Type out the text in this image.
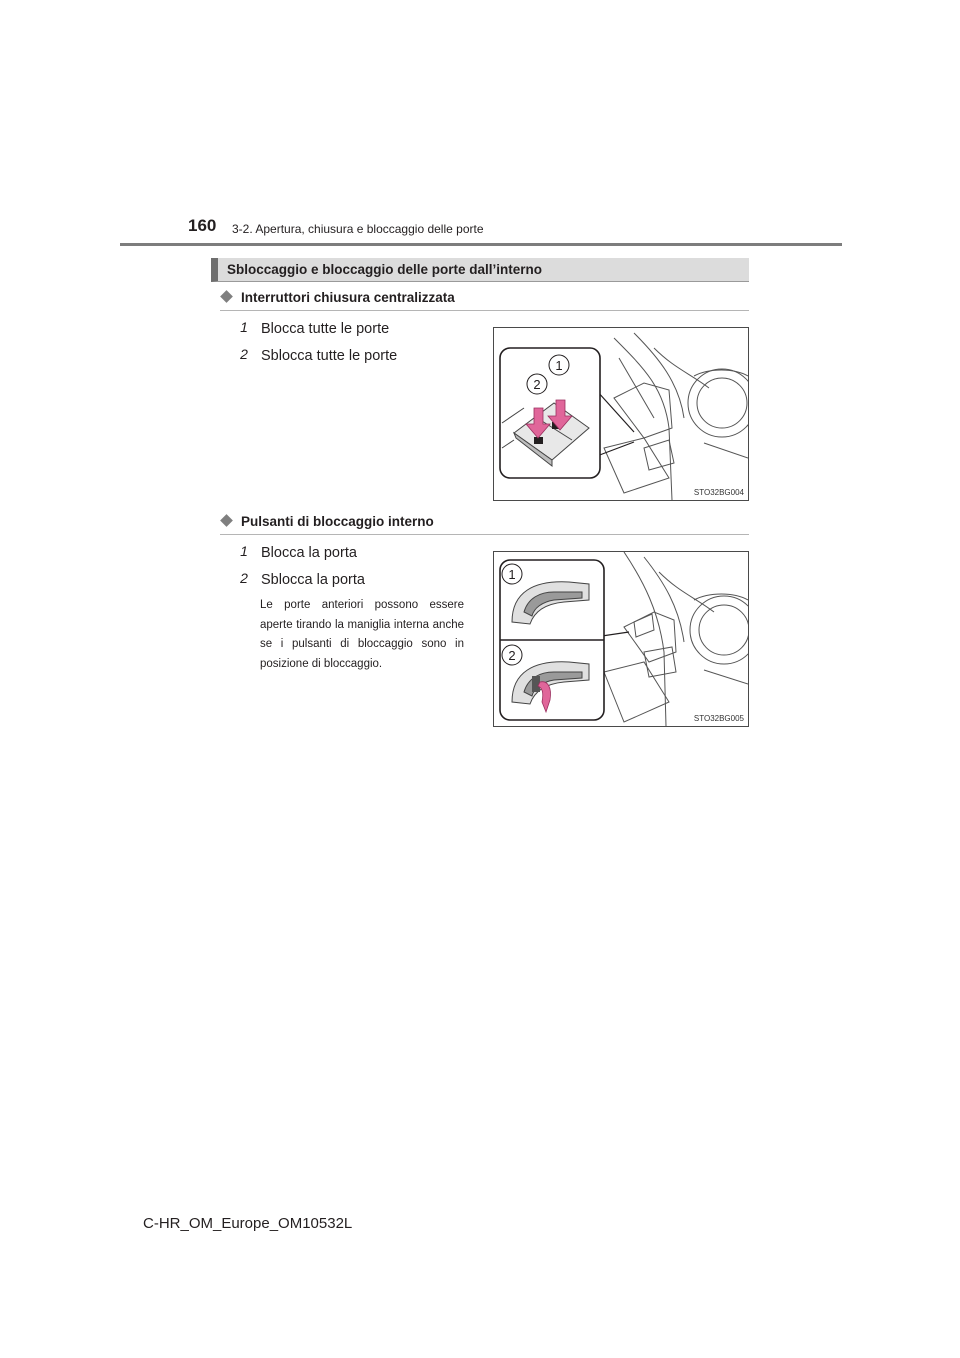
160 3-2. Apertura, chiusura e bloccaggio delle porte
Sbloccaggio e bloccaggio delle porte dall’interno
Interruttori chiusura centralizzata
1 Blocca tutte le porte
2 Sblocca tutte le porte
1
2
STO32BG004
Pulsanti di bloccaggio interno
1 Blocca la porta
2 Sblocca la porta
Le porte anteriori possono essere aperte tirando la maniglia interna anche se i pulsanti di bloccaggio sono in posizione di bloccaggio.
1
2
STO32BG005
C-HR_OM_Europe_OM10532L
